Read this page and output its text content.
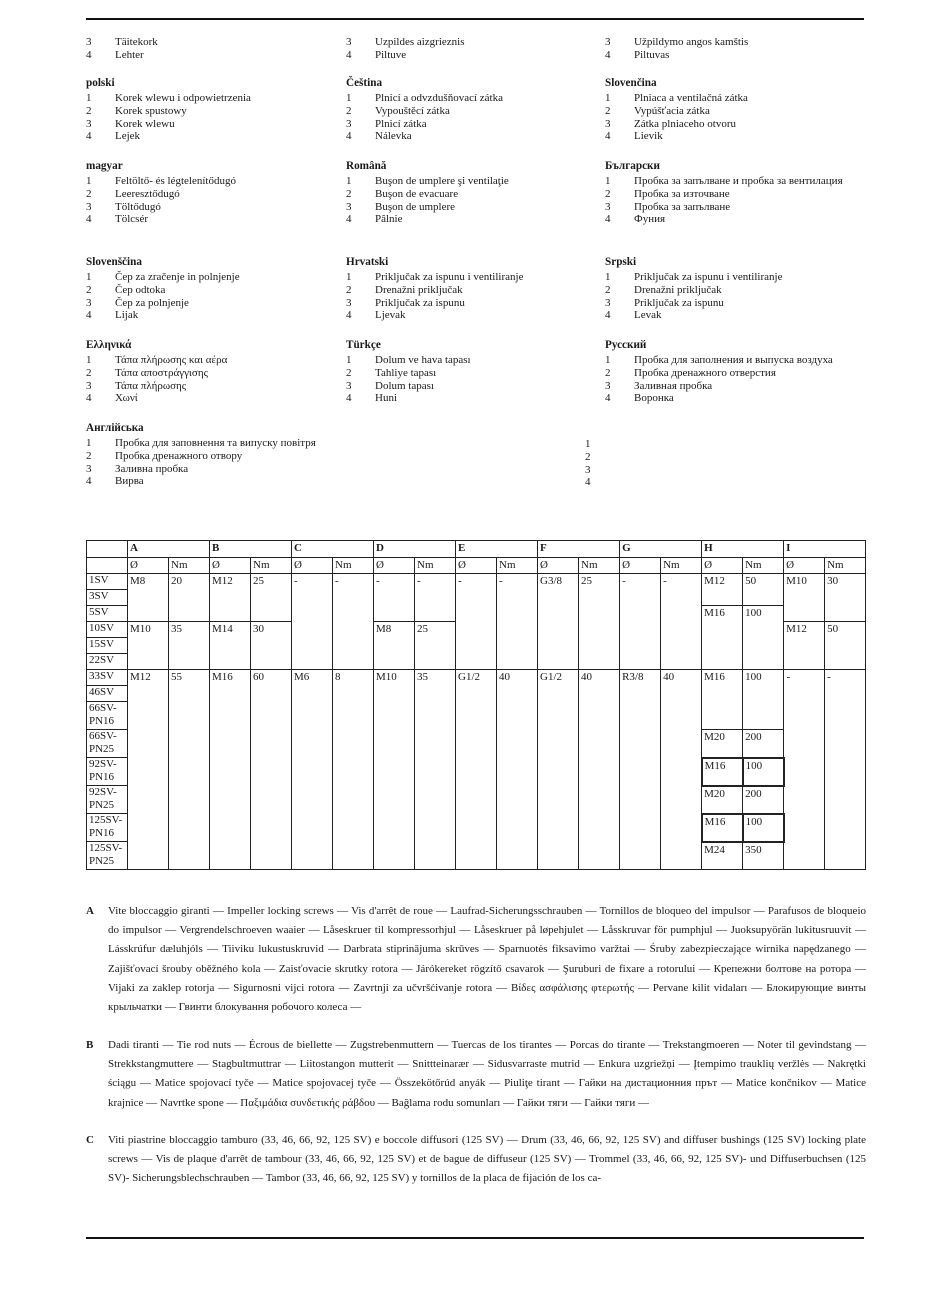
3	Täitekork
4	Lehter
3	Uzpildes aizgrieznis
4	Piltuve
3	Užpildymo angos kamštis
4	Piltuvas
polski
1	Korek wlewu i odpowietrzenia
2	Korek spustowy
3	Korek wlewu
4	Lejek
Čeština
1	Plnicí a odvzdušňovací zátka
2	Vypouštěcí zátka
3	Plnicí zátka
4	Nálevka
Slovenčina
1	Plniaca a ventilačná zátka
2	Vypúšťacia zátka
3	Zátka plniaceho otvoru
4	Lievik
magyar
1	Feltöltő- és légtelenítődugó
2	Leeresztődugó
3	Töltődugó
4	Tölcsér
Română
1	Buşon de umplere şi ventilaţie
2	Buşon de evacuare
3	Buşon de umplere
4	Pâlnie
Български
1	Пробка за запълване и пробка за вентилация
2	Пробка за източване
3	Пробка за запълване
4	Фуния
Slovenščina
1	Čep za zračenje in polnjenje
2	Čep odtoka
3	Čep za polnjenje
4	Lijak
Hrvatski
1	Priključak za ispunu i ventiliranje
2	Drenažni priključak
3	Priključak za ispunu
4	Ljevak
Srpski
1	Priključak za ispunu i ventiliranje
2	Drenažni priključak
3	Priključak za ispunu
4	Levak
Ελληνικά
1	Τάπα πλήρωσης και αέρα
2	Τάπα αποστράγγισης
3	Τάπα πλήρωσης
4	Χωνί
Türkçe
1	Dolum ve hava tapası
2	Tahliye tapası
3	Dolum tapası
4	Huni
Русский
1	Пробка для заполнения и выпуска воздуха
2	Пробка дренажного отверстия
3	Заливная пробка
4	Воронка
Англійська
1	Пробка для заповнення та випуску повітря
2	Пробка дренажного отвору
3	Заливна пробка
4	Вирва
1
2
3
4
	A		B		C		D		E		F		G		H		I	
	Ø	Nm	Ø	Nm	Ø	Nm	Ø	Nm	Ø	Nm	Ø	Nm	Ø	Nm	Ø	Nm	Ø	Nm
1SV	M8	20	M12	25	-	-	-	-	-	-	G3/8	25	-	-	M12	50	M10	30
3SV																		
5SV															M16	100		
10SV	M10	35	M14	30			M8	25									M12	50
15SV																		
22SV																		
33SV	M12	55	M16	60	M6	8	M10	35	G1/2	40	G1/2	40	R3/8	40	M16	100	-	-
46SV																		
66SV-PN16																		
66SV-PN25															M20	200		
92SV-PN16															M16	100		
92SV-PN25															M20	200		
125SV-PN16															M16	100		
125SV-PN25															M24	350		
A Vite bloccaggio giranti — Impeller locking screws — Vis d'arrêt de roue — Laufrad-Sicherungsschrauben — Tornillos de bloqueo del impulsor — Parafusos de bloqueio do impulsor — Vergrendelschroeven waaier — Låseskruer til kompressorhjul — Låseskruer på løpehjulet — Låsskruvar för pumphjul — Juoksupyörän lukitusruuvit — Lásskrúfur dæluhjóls — Tiiviku lukustuskruvid — Darbrata stiprinājuma skrūves — Sparnuotės fiksavimo varžtai — Śruby zabezpieczające wirnika napędzanego — Zajišťovací šrouby oběžného kola — Zaisťovacie skrutky rotora — Járókereket rögzítő csavarok — Şuruburi de fixare a rotorului — Крепежни болтове на ротора — Vijaki za zaklep rotorja — Sigurnosni vijci rotora — Zavrtnji za učvršćivanje rotora — Βίδες ασφάλισης φτερωτής — Pervane kilit vidaları — Блокирующие винты крыльчатки — Гвинти блокування робочого колеса —
B Dadi tiranti — Tie rod nuts — Écrous de biellette — Zugstrebenmuttern — Tuercas de los tirantes — Porcas do tirante — Trekstangmoeren — Noter til gevindstang — Strekkstangmuttere — Stagbultmuttrar — Liitostangon mutterit — Snittteinarær — Sidusvarraste mutrid — Enkura uzgriežņi — Įtempimo trauklių veržlės — Nakrętki ściągu — Matice spojovací tyče — Matice spojovacej tyče — Összekötőrúd anyák — Piuliţe tirant — Гайки на дистационния прът — Matice končnikov — Matice krajnice — Navrtke spone — Παξιμάδια συνδετικής ράβδου — Bağlama rodu somunları — Гайки тяги — Гайки тяги —
C Viti piastrine bloccaggio tamburo (33, 46, 66, 92, 125 SV) e boccole diffusori (125 SV) — Drum (33, 46, 66, 92, 125 SV) and diffuser bushings (125 SV) locking plate screws — Vis de plaque d'arrêt de tambour (33, 46, 66, 92, 125 SV) et de bague de diffuseur (125 SV) — Trommel (33, 46, 66, 92, 125 SV)- und Diffuserbuchsen (125 SV)- Sicherungsblechschrauben — Tambor (33, 46, 66, 92, 125 SV) y tornillos de la placa de fijación de los ca-
